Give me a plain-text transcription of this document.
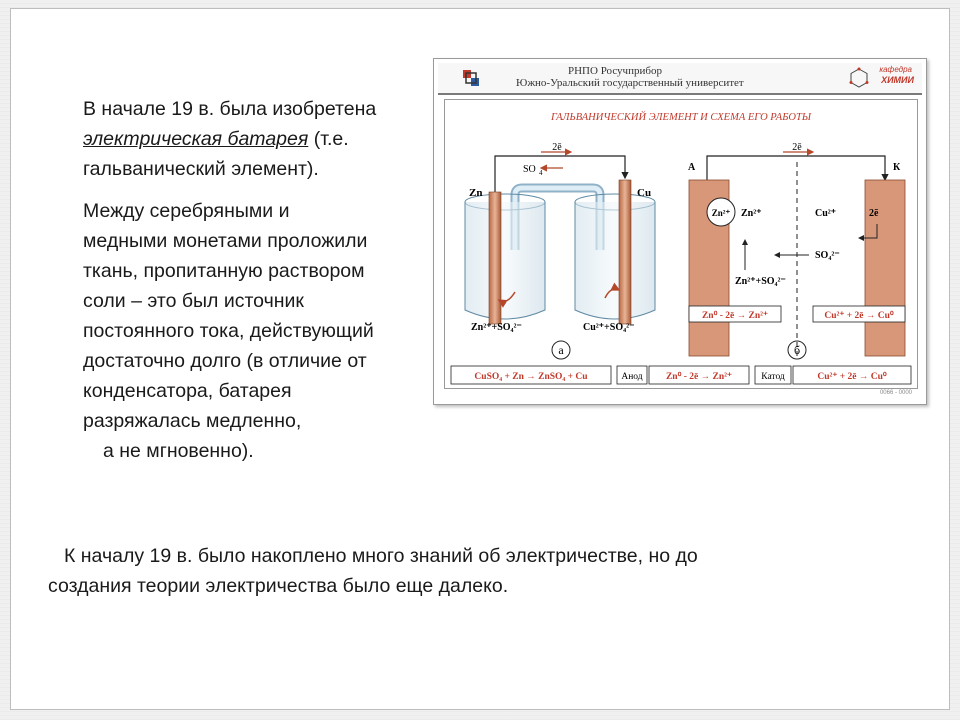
В начале 19 в. была изобретена электрическая батарея (т.е. гальванический элемент).

Между серебряными и
медными монетами проложили
ткань, пропитанную раствором
соли – это был источник
постоянного тока, действующий
достаточно долго (в отличие от
конденсатора, батарея
разряжалась медленно,
а не мгновенно).

К началу 19 в. было накоплено много знаний об электричестве, но до
создания теории электричества было еще далеко.
РНПО Росучприбор
Южно-Уральский государственный университет
кафедра
ХИМИИ
ГАЛЬВАНИЧЕСКИЙ ЭЛЕМЕНТ И СХЕМА ЕГО РАБОТЫ
2ē
SO 4
Zn
Zn²⁺+SO₄²⁻
Cu
Cu²⁺+SO₄²⁻
а
А	К
2ē
Zn²⁺ Zn²⁺	Cu²⁺	2ē
SO₄²⁻
Zn²⁺+SO₄²⁻
Zn⁰ - 2ē → Zn²⁺	Cu²⁺ + 2ē → Cu⁰
б
CuSO₄ + Zn → ZnSO₄ + Cu	Анод Zn⁰ - 2ē → Zn²⁺	Катод	Cu²⁺ + 2ē → Cu⁰
0066 - 0000
